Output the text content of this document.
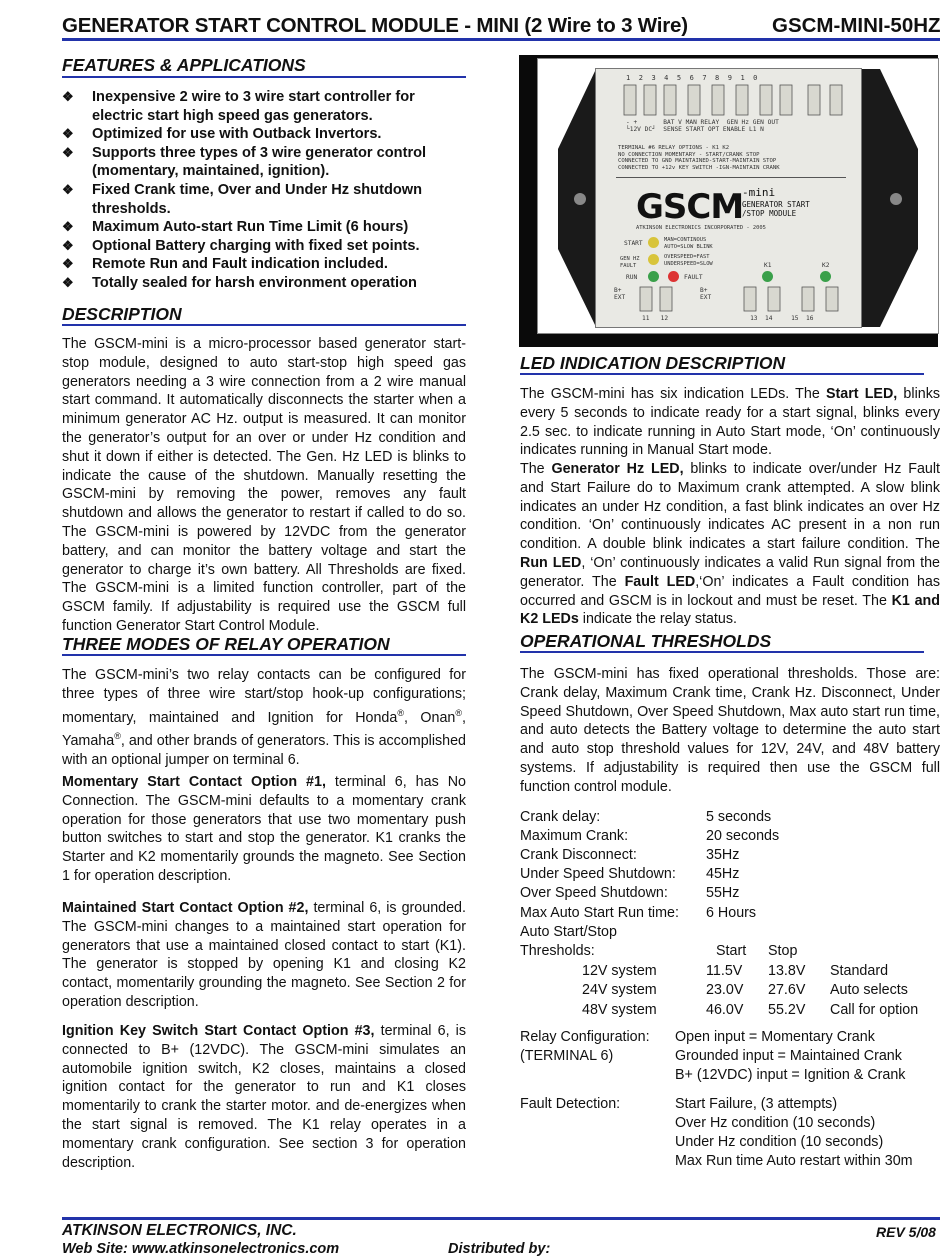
GENERATOR START CONTROL MODULE - MINI (2 Wire to 3 Wire)	GSCM-MINI-50HZ
FEATURES & APPLICATIONS
❖ Inexpensive 2 wire to 3 wire start controller for electric start high speed gas generators.
❖ Optimized for use with Outback Invertors.
❖ Supports three types of 3 wire generator control (momentary, maintained, ignition).
❖ Fixed Crank time, Over and Under Hz shutdown thresholds.
❖ Maximum Auto-start Run Time Limit (6 hours)
❖ Optional Battery charging with fixed set points.
❖ Remote Run and Fault indication included.
❖ Totally sealed for harsh environment operation
DESCRIPTION
The GSCM-mini is a micro-processor based generator start-stop module, designed to auto start-stop high speed gas generators needing a 3 wire connection from a 2 wire manual start command. It automatically disconnects the starter when a minimum generator AC Hz. output is measured. It can monitor the generator’s output for an over or under Hz condition and shut it down if either is detected. The Gen. Hz LED is blinks to indicate the cause of the shutdown. Manually resetting the GSCM-mini by removing the power, removes any fault shutdown and allows the generator to restart if called to do so. The GSCM-mini is powered by 12VDC from the generator battery, and can monitor the battery voltage and start the generator to charge it’s own battery. All Thresholds are fixed. The GSCM-mini is a limited function controller, part of the GSCM family. If adjustability is required use the GSCM full function Generator Start Control Module.
THREE MODES OF RELAY OPERATION
The GSCM-mini’s two relay contacts can be configured for three types of three wire start/stop hook-up configurations; momentary, maintained and Ignition for Honda®, Onan®, Yamaha®, and other brands of generators. This is accomplished with an optional jumper on terminal 6.
Momentary Start Contact Option #1, terminal 6, has No Connection. The GSCM-mini defaults to a momentary crank operation for those generators that use two momentary push button switches to start and stop the generator. K1 cranks the Starter and K2 momentarily grounds the magneto. See Section 1 for operation description.
Maintained Start Contact Option #2, terminal 6, is grounded. The GSCM-mini changes to a maintained start operation for generators that use a maintained closed contact to start (K1). The generator is stopped by opening K1 and closing K2 contact, momentarily grounding the magneto. See Section 2 for operation description.
Ignition Key Switch Start Contact Option #3, terminal 6, is connected to B+ (12VDC). The GSCM-mini simulates an automobile ignition switch, K2 closes, maintains a closed ignition contact for the generator to run and K1 closes momentarily to crank the starter motor. and de-energizes when the start signal is removed. The K1 relay operates in a momentary crank configuration. See section 3 for operation description.
12345678910
- +	BAT V MAN RELAY GEN Hz GEN OUT
└12V DC┘ SENSE START OPT ENABLE L1 N
TERMINAL #6 RELAY OPTIONS - K1 K2
NO CONNECTION MOMENTARY - START/CRANK STOP
CONNECTED TO GND MAINTAINED-START-MAINTAIN STOP
CONNECTED TO +12v KEY SWITCH -IGN-MAINTAIN CRANK
GSCM
-mini
GENERATOR START
/STOP MODULE
ATKINSON ELECTRONICS INCORPORATED - 2005
START	MAN=CONTINOUS
AUTO=SLOW BLINK
GEN HZ FAULT
OVERSPEED=FAST
UNDERSPEED=SLOW
RUN	FAULT
K1	K2
B+ EXT
B+ EXT
11 12	13 14	15 16
LED INDICATION DESCRIPTION
The GSCM-mini has six indication LEDs. The Start LED, blinks every 5 seconds to indicate ready for a start signal, blinks every 2.5 sec. to indicate running in Auto Start mode, ‘On’ continuously indicates running in Manual Start mode.
The Generator Hz LED, blinks to indicate over/under Hz Fault and Start Failure do to Maximum crank attempted. A slow blink indicates an under Hz condition, a fast blink indicates an over Hz condition. ‘On’ continuously indicates AC present in a non run condition. A double blink indicates a start failure condition. The Run LED, ‘On’ continuously indicates a valid Run signal from the generator. The Fault LED,‘On’ indicates a Fault condition has occurred and GSCM is in lockout and must be reset. The K1 and K2 LEDs indicate the relay status.
OPERATIONAL THRESHOLDS
The GSCM-mini has fixed operational thresholds. Those are: Crank delay, Maximum Crank time, Crank Hz. Disconnect, Under Speed Shutdown, Over Speed Shutdown, Max auto start run time, and auto detects the Battery voltage to determine the auto start and auto stop threshold values for 12V, 24V, and 48V battery systems. If adjustability is required then use the GSCM full function control module.
Crank delay:	5 seconds
Maximum Crank:	20 seconds
Crank Disconnect:	35Hz
Under Speed Shutdown: 45Hz
Over Speed Shutdown:	55Hz
Max Auto Start Run time: 6 Hours
Auto Start/Stop
Thresholds:	Start Stop
12V system	11.5V 13.8V Standard
24V system	23.0V 27.6V Auto selects
48V system	46.0V 55.2V Call for option
Relay Configuration:
(TERMINAL 6)
Open input = Momentary Crank
Grounded input = Maintained Crank
B+ (12VDC) input = Ignition & Crank
Fault Detection:	Start Failure, (3 attempts)
Over Hz condition (10 seconds)
Under Hz condition (10 seconds)
Max Run time Auto restart within 30m
ATKINSON ELECTRONICS, INC.	REV 5/08
Web Site: www.atkinsonelectronics.com	Distributed by:
